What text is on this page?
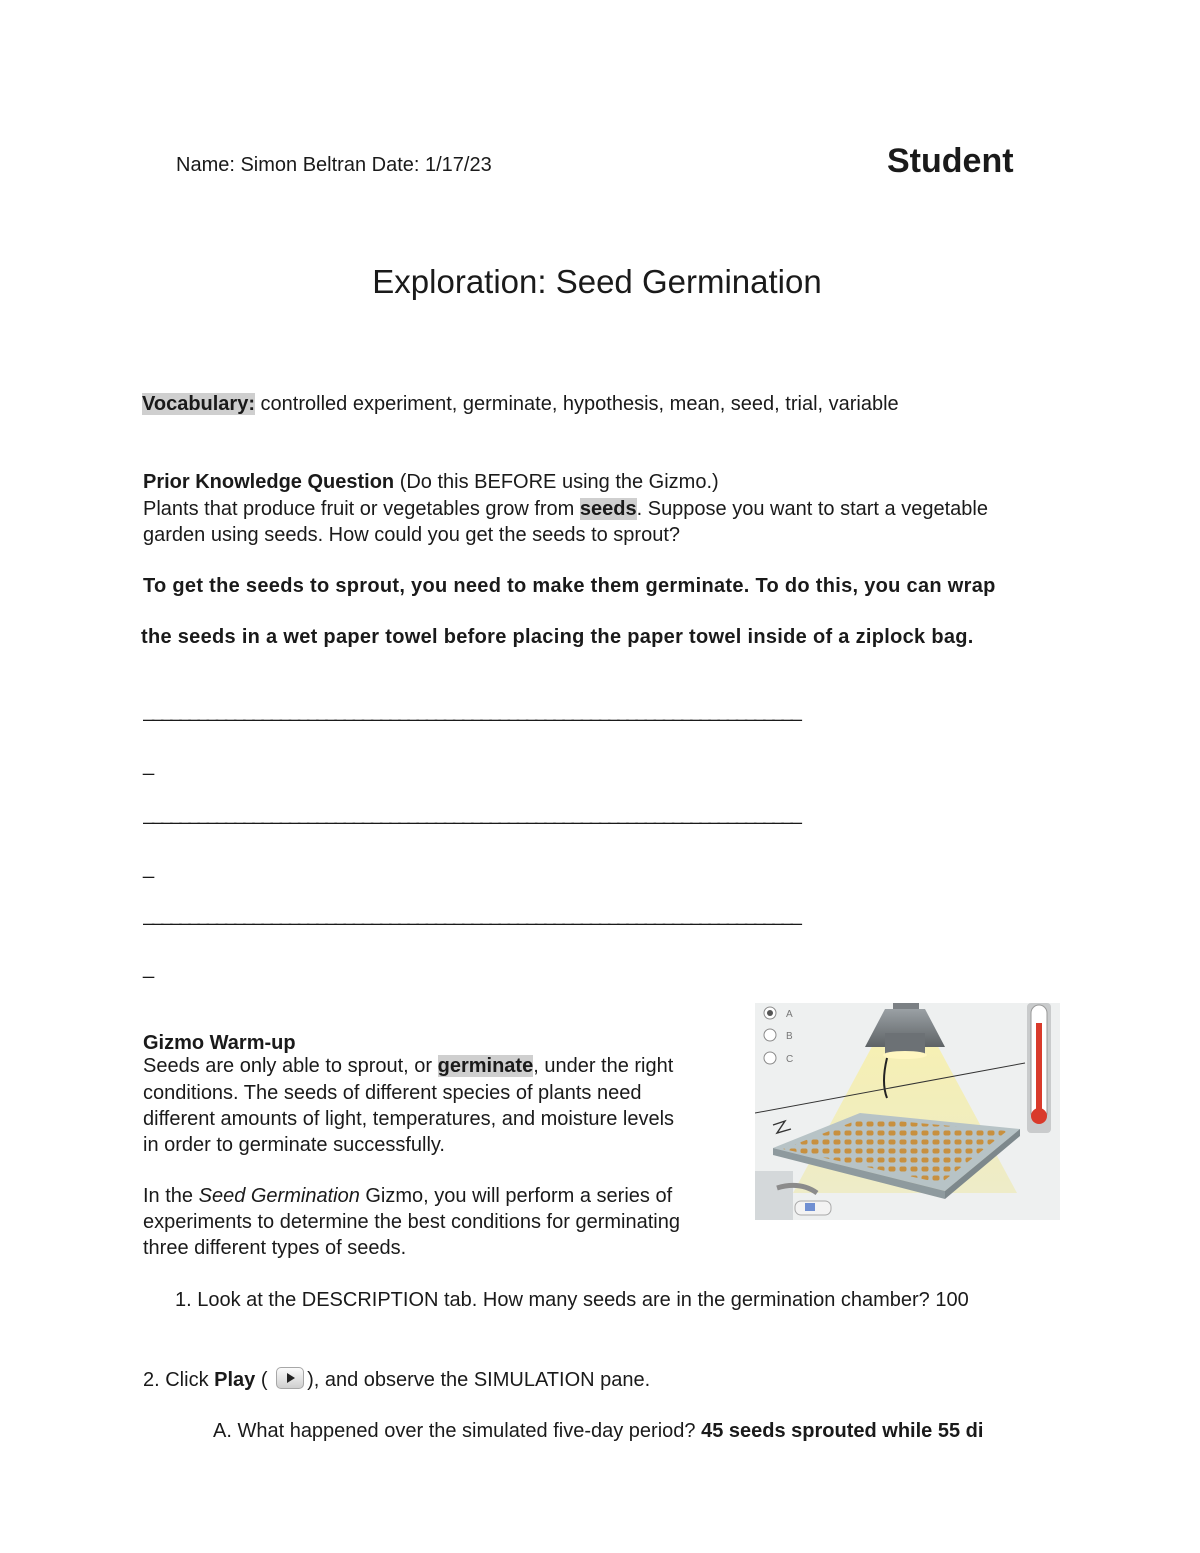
Name: Simon Beltran Date: 1/17/23	Student
Exploration: Seed Germination
Vocabulary: controlled experiment, germinate, hypothesis, mean, seed, trial, variable
Prior Knowledge Question (Do this BEFORE using the Gizmo.)
Plants that produce fruit or vegetables grow from seeds. Suppose you want to start a vegetable
garden using seeds. How could you get the seeds to sprout?
To get the seeds to sprout, you need to make them germinate. To do this, you can wrap
the seeds in a wet paper towel before placing the paper towel inside of a ziplock bag.
________________________________________________________________________
_
________________________________________________________________________
_
________________________________________________________________________
_
Gizmo Warm-up
Seeds are only able to sprout, or germinate, under the right
conditions. The seeds of different species of plants need
different amounts of light, temperatures, and moisture levels
in order to germinate successfully.
In the Seed Germination Gizmo, you will perform a series of
experiments to determine the best conditions for germinating
three different types of seeds.
A
B
C
1. Look at the DESCRIPTION tab. How many seeds are in the germination chamber? 100
2. Click Play ( ), and observe the SIMULATION pane.
A. What happened over the simulated five-day period? 45 seeds sprouted while 55 di
